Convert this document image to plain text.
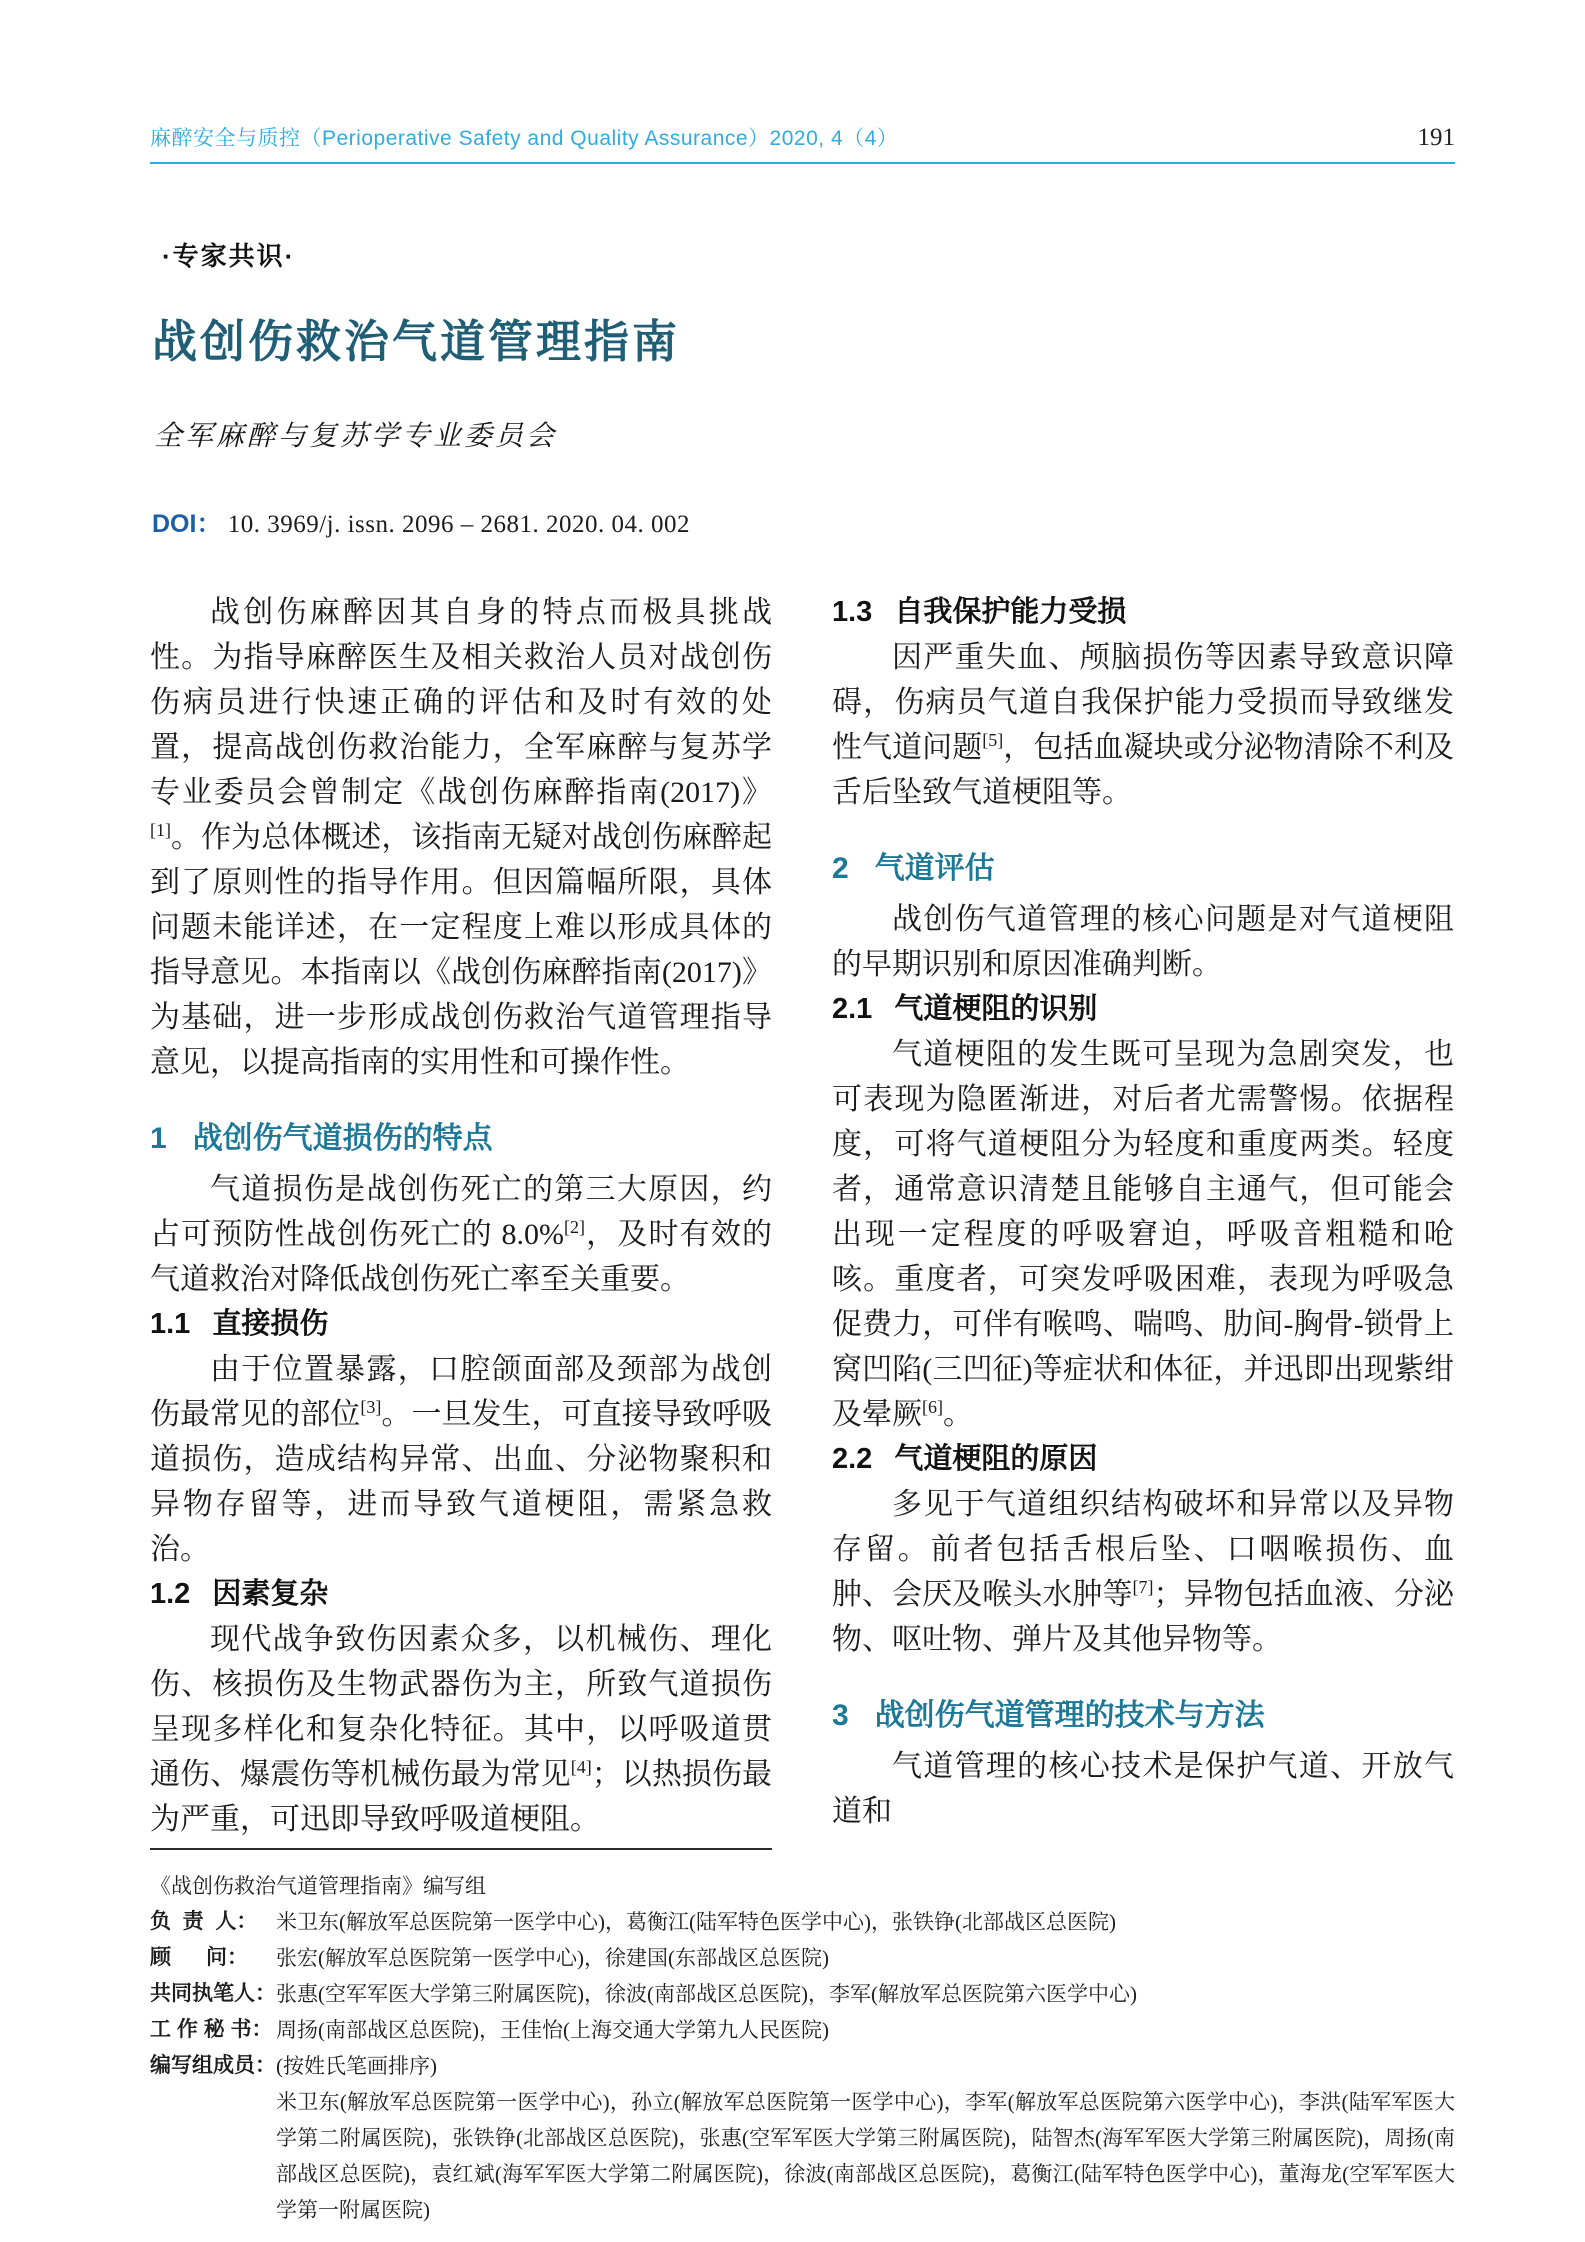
麻醉安全与质控（Perioperative Safety and Quality Assurance）2020, 4（4）	191

·专家共识·

战创伤救治气道管理指南

全军麻醉与复苏学专业委员会

DOI： 10. 3969/j. issn. 2096 – 2681. 2020. 04. 002

战创伤麻醉因其自身的特点而极具挑战性。为指导麻醉医生及相关救治人员对战创伤伤病员进行快速正确的评估和及时有效的处置，提高战创伤救治能力，全军麻醉与复苏学专业委员会曾制定《战创伤麻醉指南(2017)》[1]。作为总体概述，该指南无疑对战创伤麻醉起到了原则性的指导作用。但因篇幅所限，具体问题未能详述，在一定程度上难以形成具体的指导意见。本指南以《战创伤麻醉指南(2017)》为基础，进一步形成战创伤救治气道管理指导意见，以提高指南的实用性和可操作性。

1 战创伤气道损伤的特点

气道损伤是战创伤死亡的第三大原因，约占可预防性战创伤死亡的 8.0%[2]，及时有效的气道救治对降低战创伤死亡率至关重要。

1.1 直接损伤

由于位置暴露，口腔颌面部及颈部为战创伤最常见的部位[3]。一旦发生，可直接导致呼吸道损伤，造成结构异常、出血、分泌物聚积和异物存留等，进而导致气道梗阻，需紧急救治。

1.2 因素复杂

现代战争致伤因素众多，以机械伤、理化伤、核损伤及生物武器伤为主，所致气道损伤呈现多样化和复杂化特征。其中，以呼吸道贯通伤、爆震伤等机械伤最为常见[4]；以热损伤最为严重，可迅即导致呼吸道梗阻。

1.3 自我保护能力受损

因严重失血、颅脑损伤等因素导致意识障碍，伤病员气道自我保护能力受损而导致继发性气道问题[5]，包括血凝块或分泌物清除不利及舌后坠致气道梗阻等。

2 气道评估

战创伤气道管理的核心问题是对气道梗阻的早期识别和原因准确判断。

2.1 气道梗阻的识别

气道梗阻的发生既可呈现为急剧突发，也可表现为隐匿渐进，对后者尤需警惕。依据程度，可将气道梗阻分为轻度和重度两类。轻度者，通常意识清楚且能够自主通气，但可能会出现一定程度的呼吸窘迫，呼吸音粗糙和呛咳。重度者，可突发呼吸困难，表现为呼吸急促费力，可伴有喉鸣、喘鸣、肋间-胸骨-锁骨上窝凹陷(三凹征)等症状和体征，并迅即出现紫绀及晕厥[6]。

2.2 气道梗阻的原因

多见于气道组织结构破坏和异常以及异物存留。前者包括舌根后坠、口咽喉损伤、血肿、会厌及喉头水肿等[7]；异物包括血液、分泌物、呕吐物、弹片及其他异物等。

3 战创伤气道管理的技术与方法

气道管理的核心技术是保护气道、开放气道和

《战创伤救治气道管理指南》编写组

负  责  人： 米卫东(解放军总医院第一医学中心)，葛衡江(陆军特色医学中心)，张铁铮(北部战区总医院)
顾      问：	张宏(解放军总医院第一医学中心)，徐建国(东部战区总医院)
共同执笔人： 张惠(空军军医大学第三附属医院)，徐波(南部战区总医院)，李军(解放军总医院第六医学中心)
工 作 秘 书： 周扬(南部战区总医院)，王佳怡(上海交通大学第九人民医院)
编写组成员： (按姓氏笔画排序)

米卫东(解放军总医院第一医学中心)，孙立(解放军总医院第一医学中心)，李军(解放军总医院第六医学中心)，李洪(陆军军医大学第二附属医院)，张铁铮(北部战区总医院)，张惠(空军军医大学第三附属医院)，陆智杰(海军军医大学第三附属医院)，周扬(南部战区总医院)，袁红斌(海军军医大学第二附属医院)，徐波(南部战区总医院)，葛衡江(陆军特色医学中心)，董海龙(空军军医大学第一附属医院)
